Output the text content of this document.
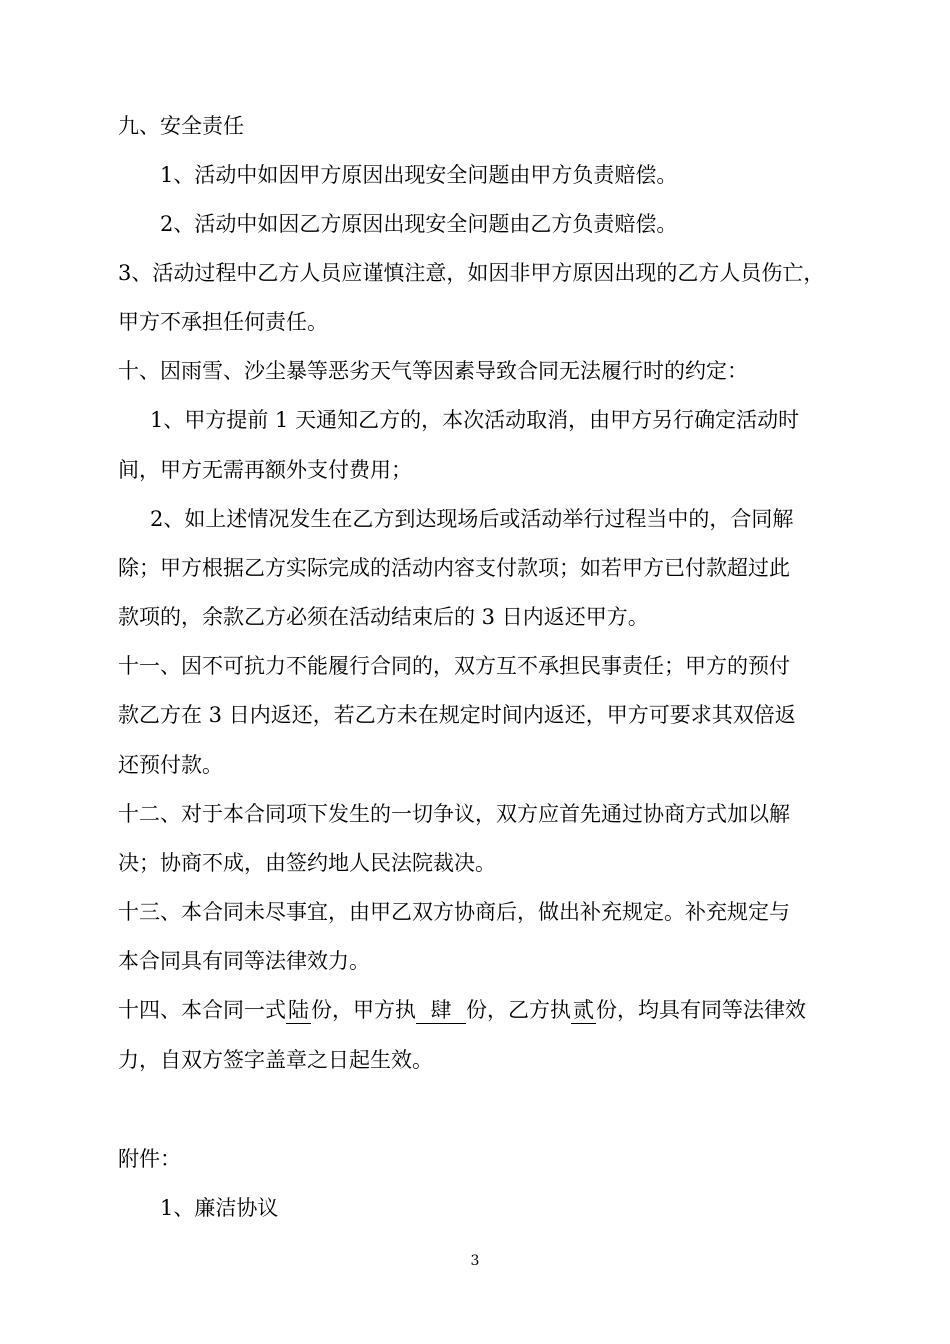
九、安全责任

1、活动中如因甲方原因出现安全问题由甲方负责赔偿。

2、活动中如因乙方原因出现安全问题由乙方负责赔偿。

3、活动过程中乙方人员应谨慎注意，如因非甲方原因出现的乙方人员伤亡，

甲方不承担任何责任。

十、因雨雪、沙尘暴等恶劣天气等因素导致合同无法履行时的约定：

1、甲方提前 1 天通知乙方的，本次活动取消，由甲方另行确定活动时

间，甲方无需再额外支付费用；

2、如上述情况发生在乙方到达现场后或活动举行过程当中的，合同解

除；甲方根据乙方实际完成的活动内容支付款项；如若甲方已付款超过此

款项的，余款乙方必须在活动结束后的 3 日内返还甲方。

十一、因不可抗力不能履行合同的，双方互不承担民事责任；甲方的预付

款乙方在 3 日内返还，若乙方未在规定时间内返还，甲方可要求其双倍返

还预付款。

十二、对于本合同项下发生的一切争议，双方应首先通过协商方式加以解

决；协商不成，由签约地人民法院裁决。

十三、本合同未尽事宜，由甲乙双方协商后，做出补充规定。补充规定与

本合同具有同等法律效力。

十四、本合同一式陆份，甲方执 肆 份，乙方执贰份，均具有同等法律效

力，自双方签字盖章之日起生效。

附件：

1、廉洁协议

3
